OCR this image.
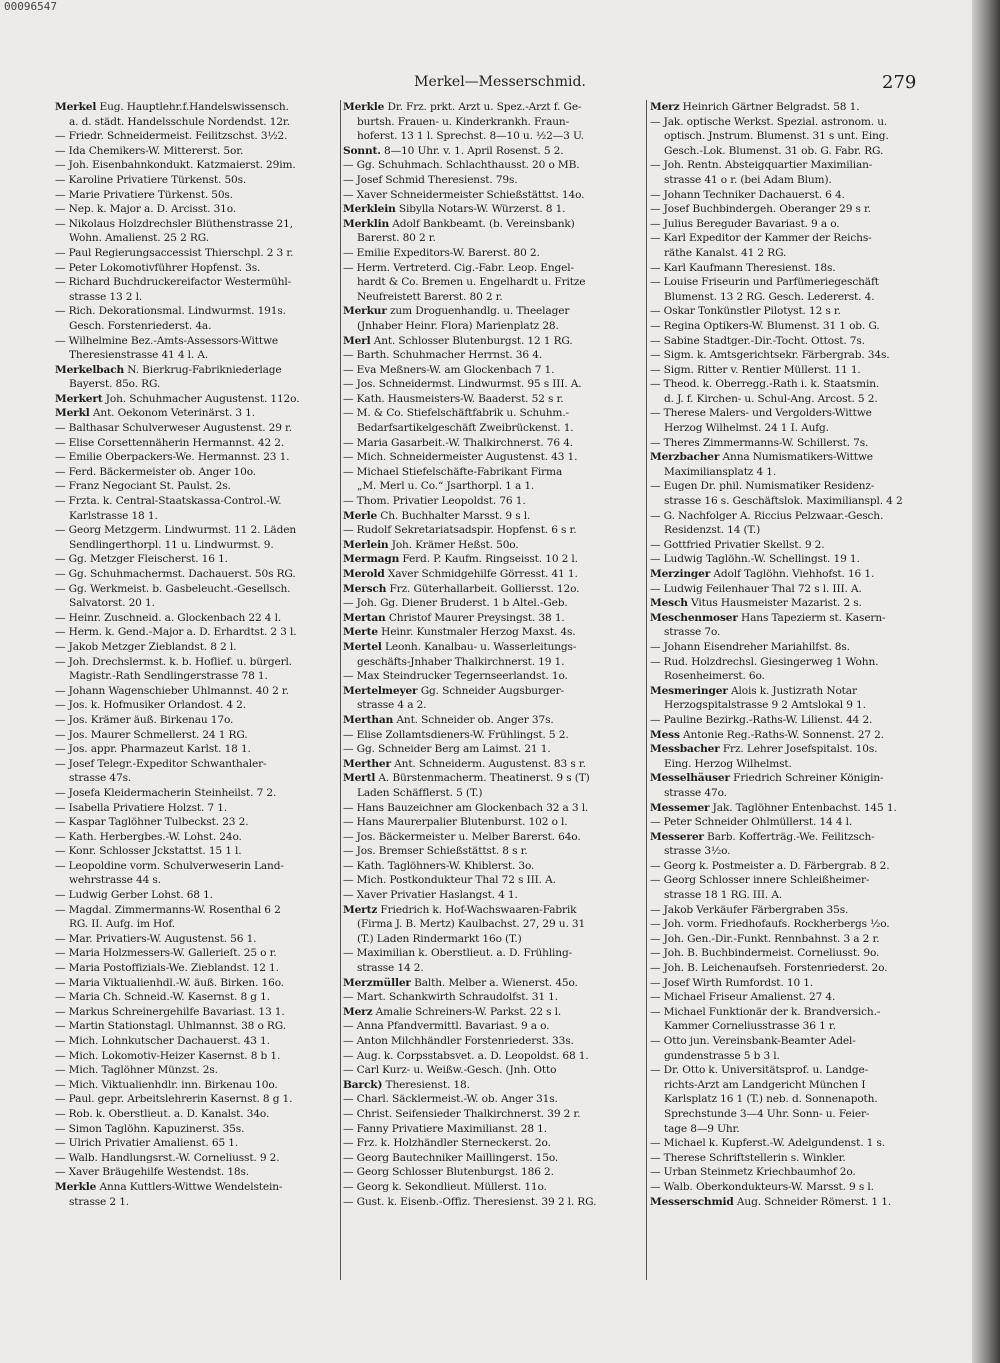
00096547
Merkel—Messerschmid.	279
Merkel Eug. Hauptlehr.f.Handelswissensch.
a. d. städt. Handelsschule Nordendst. 12r.
— Friedr. Schneidermeist. Feilitzschst. 3½2.
— Ida Chemikers-W. Mittererst. 5or.
— Joh. Eisenbahnkondukt. Katzmaierst. 29im.
— Karoline Privatiere Türkenst. 50s.
— Marie Privatiere Türkenst. 50s.
— Nep. k. Major a. D. Arcisst. 31o.
— Nikolaus Holzdrechsler Blüthenstrasse 21,
Wohn. Amalienst. 25 2 RG.
— Paul Regierungsaccessist Thierschpl. 2 3 r.
— Peter Lokomotivführer Hopfenst. 3s.
— Richard Buchdruckereifactor Westermühl-
strasse 13 2 l.
— Rich. Dekorationsmal. Lindwurmst. 191s.
Gesch. Forstenriederst. 4a.
— Wilhelmine Bez.-Amts-Assessors-Wittwe
Theresienstrasse 41 4 l. A.
Merkelbach N. Bierkrug-Fabrikniederlage
Bayerst. 85o. RG.
Merkert Joh. Schuhmacher Augustenst. 112o.
Merkl Ant. Oekonom Veterinärst. 3 1.
— Balthasar Schulverweser Augustenst. 29 r.
— Elise Corsettennäherin Hermannst. 42 2.
— Emilie Oberpackers-We. Hermannst. 23 1.
— Ferd. Bäckermeister ob. Anger 10o.
— Franz Negociant St. Paulst. 2s.
— Frzta. k. Central-Staatskassa-Control.-W.
Karlstrasse 18 1.
— Georg Metzgerm. Lindwurmst. 11 2. Läden
Sendlingerthorpl. 11 u. Lindwurmst. 9.
— Gg. Metzger Fleischerst. 16 1.
— Gg. Schuhmachermst. Dachauerst. 50s RG.
— Gg. Werkmeist. b. Gasbeleucht.-Gesellsch.
Salvatorst. 20 1.
— Heinr. Zuschneid. a. Glockenbach 22 4 l.
— Herm. k. Gend.-Major a. D. Erhardtst. 2 3 l.
— Jakob Metzger Zieblandst. 8 2 l.
— Joh. Drechslermst. k. b. Hoflief. u. bürgerl.
Magistr.-Rath Sendlingerstrasse 78 1.
— Johann Wagenschieber Uhlmannst. 40 2 r.
— Jos. k. Hofmusiker Orlandost. 4 2.
— Jos. Krämer äuß. Birkenau 17o.
— Jos. Maurer Schmellerst. 24 1 RG.
— Jos. appr. Pharmazeut Karlst. 18 1.
— Josef Telegr.-Expeditor Schwanthaler-
strasse 47s.
— Josefa Kleidermacherin Steinheilst. 7 2.
— Isabella Privatiere Holzst. 7 1.
— Kaspar Taglöhner Tulbeckst. 23 2.
— Kath. Herbergbes.-W. Lohst. 24o.
— Konr. Schlosser Jckstattst. 15 1 l.
— Leopoldine vorm. Schulverweserin Land-
wehrstrasse 44 s.
— Ludwig Gerber Lohst. 68 1.
— Magdal. Zimmermanns-W. Rosenthal 6 2
RG. II. Aufg. im Hof.
— Mar. Privatiers-W. Augustenst. 56 1.
— Maria Holzmessers-W. Gallerieſt. 25 o r.
— Maria Postoffizials-We. Zieblandst. 12 1.
— Maria Viktualienhdl.-W. äuß. Birken. 16o.
— Maria Ch. Schneid.-W. Kasernst. 8 g 1.
— Markus Schreinergehilfe Bavariast. 13 1.
— Martin Stationstagl. Uhlmannst. 38 o RG.
— Mich. Lohnkutscher Dachauerst. 43 1.
— Mich. Lokomotiv-Heizer Kasernst. 8 b 1.
— Mich. Taglöhner Münzst. 2s.
— Mich. Viktualienhdlr. inn. Birkenau 10o.
— Paul. gepr. Arbeitslehrerin Kasernst. 8 g 1.
— Rob. k. Oberstlieut. a. D. Kanalst. 34o.
— Simon Taglöhn. Kapuzinerst. 35s.
— Ulrich Privatier Amalienst. 65 1.
— Walb. Handlungsrst.-W. Corneliusst. 9 2.
— Xaver Bräugehilfe Westendst. 18s.
Merkle Anna Kuttlers-Wittwe Wendelstein-
strasse 2 1.
Merkle Dr. Frz. prkt. Arzt u. Spez.-Arzt f. Ge-
burtsh. Frauen- u. Kinderkrankh. Fraun-
hoferst. 13 1 l. Sprechst. 8—10 u. ½2—3 U.
Sonnt. 8—10 Uhr. v. 1. April Rosenst. 5 2.
— Gg. Schuhmach. Schlachthausst. 20 o MB.
— Josef Schmid Theresienst. 79s.
— Xaver Schneidermeister Schießstättst. 14o.
Merklein Sibylla Notars-W. Würzerst. 8 1.
Merklin Adolf Bankbeamt. (b. Vereinsbank)
Barerst. 80 2 r.
— Emilie Expeditors-W. Barerst. 80 2.
— Herm. Vertreterd. Cig.-Fabr. Leop. Engel-
hardt & Co. Bremen u. Engelhardt u. Fritze
Neufreistett Barerst. 80 2 r.
Merkur zum Droguenhandlg. u. Theelager
(Jnhaber Heinr. Flora) Marienplatz 28.
Merl Ant. Schlosser Blutenburgst. 12 1 RG.
— Barth. Schuhmacher Herrnst. 36 4.
— Eva Meßners-W. am Glockenbach 7 1.
— Jos. Schneidermst. Lindwurmst. 95 s III. A.
— Kath. Hausmeisters-W. Baaderst. 52 s r.
— M. & Co. Stiefelschäftfabrik u. Schuhm.-
Bedarfsartikelgeschäft Zweibrückenst. 1.
— Maria Gasarbeit.-W. Thalkirchnerst. 76 4.
— Mich. Schneidermeister Augustenst. 43 1.
— Michael Stiefelschäfte-Fabrikant Firma
„M. Merl u. Co.“ Jsarthorpl. 1 a 1.
— Thom. Privatier Leopoldst. 76 1.
Merle Ch. Buchhalter Marsst. 9 s l.
— Rudolf Sekretariatsadspir. Hopfenst. 6 s r.
Merlein Joh. Krämer Heßst. 50o.
Mermagn Ferd. P. Kaufm. Ringseisst. 10 2 l.
Merold Xaver Schmidgehilfe Görresst. 41 1.
Mersch Frz. Güterhallarbeit. Golliersst. 12o.
— Joh. Gg. Diener Bruderst. 1 b Altel.-Geb.
Mertan Christof Maurer Preysingst. 38 1.
Merte Heinr. Kunstmaler Herzog Maxst. 4s.
Mertel Leonh. Kanalbau- u. Wasserleitungs-
geschäfts-Jnhaber Thalkirchnerst. 19 1.
— Max Steindrucker Tegernseerlandst. 1o.
Mertelmeyer Gg. Schneider Augsburger-
strasse 4 a 2.
Merthan Ant. Schneider ob. Anger 37s.
— Elise Zollamtsdieners-W. Frühlingst. 5 2.
— Gg. Schneider Berg am Laimst. 21 1.
Merther Ant. Schneiderm. Augustenst. 83 s r.
Mertl A. Bürstenmacherm. Theatinerst. 9 s (T)
Laden Schäfflerst. 5 (T.)
— Hans Bauzeichner am Glockenbach 32 a 3 l.
— Hans Maurerpalier Blutenburst. 102 o l.
— Jos. Bäckermeister u. Melber Barerst. 64o.
— Jos. Bremser Schießstättst. 8 s r.
— Kath. Taglöhners-W. Khiblerst. 3o.
— Mich. Postkondukteur Thal 72 s III. A.
— Xaver Privatier Haslangst. 4 1.
Mertz Friedrich k. Hof-Wachswaaren-Fabrik
(Firma J. B. Mertz) Kaulbachst. 27, 29 u. 31
(T.) Laden Rindermarkt 16o (T.)
— Maximilian k. Oberstlieut. a. D. Frühling-
strasse 14 2.
Merzmüller Balth. Melber a. Wienerst. 45o.
— Mart. Schankwirth Schraudolfst. 31 1.
Merz Amalie Schreiners-W. Parkst. 22 s l.
— Anna Pfandvermittl. Bavariast. 9 a o.
— Anton Milchhändler Forstenriederst. 33s.
— Aug. k. Corpsstabsvet. a. D. Leopoldst. 68 1.
— Carl Kurz- u. Weißw.-Gesch. (Jnh. Otto
Barck) Theresienst. 18.
— Charl. Säcklermeist.-W. ob. Anger 31s.
— Christ. Seifensieder Thalkirchnerst. 39 2 r.
— Fanny Privatiere Maximilianst. 28 1.
— Frz. k. Holzhändler Sterneckerst. 2o.
— Georg Bautechniker Maillingerst. 15o.
— Georg Schlosser Blutenburgst. 186 2.
— Georg k. Sekondlieut. Müllerst. 11o.
— Gust. k. Eisenb.-Offiz. Theresienst. 39 2 l. RG.
Merz Heinrich Gärtner Belgradst. 58 1.
— Jak. optische Werkst. Spezial. astronom. u.
optisch. Jnstrum. Blumenst. 31 s unt. Eing.
Gesch.-Lok. Blumenst. 31 ob. G. Fabr. RG.
— Joh. Rentn. Absteigquartier Maximilian-
strasse 41 o r. (bei Adam Blum).
— Johann Techniker Dachauerst. 6 4.
— Josef Buchbindergeh. Oberanger 29 s r.
— Julius Bereguder Bavariast. 9 a o.
— Karl Expeditor der Kammer der Reichs-
räthe Kanalst. 41 2 RG.
— Karl Kaufmann Theresienst. 18s.
— Louise Friseurin und Parfümeriegeschäft
Blumenst. 13 2 RG. Gesch. Ledererst. 4.
— Oskar Tonkünstler Pilotyst. 12 s r.
— Regina Optikers-W. Blumenst. 31 1 ob. G.
— Sabine Stadtger.-Dir.-Tocht. Ottost. 7s.
— Sigm. k. Amtsgerichtsekr. Färbergrab. 34s.
— Sigm. Ritter v. Rentier Müllerst. 11 1.
— Theod. k. Oberregg.-Rath i. k. Staatsmin.
d. J. f. Kirchen- u. Schul-Ang. Arcost. 5 2.
— Therese Malers- und Vergolders-Wittwe
Herzog Wilhelmst. 24 1 I. Aufg.
— Theres Zimmermanns-W. Schillerst. 7s.
Merzbacher Anna Numismatikers-Wittwe
Maximiliansplatz 4 1.
— Eugen Dr. phil. Numismatiker Residenz-
strasse 16 s. Geschäftslok. Maximilianspl. 4 2
— G. Nachfolger A. Riccius Pelzwaar.-Gesch.
Residenzst. 14 (T.)
— Gottfried Privatier Skellst. 9 2.
— Ludwig Taglöhn.-W. Schellingst. 19 1.
Merzinger Adolf Taglöhn. Viehhofst. 16 1.
— Ludwig Feilenhauer Thal 72 s l. III. A.
Mesch Vitus Hausmeister Mazarist. 2 s.
Meschenmoser Hans Tapezierm st. Kasern-
strasse 7o.
— Johann Eisendreher Mariahilfst. 8s.
— Rud. Holzdrechsl. Giesingerweg 1 Wohn.
Rosenheimerst. 6o.
Mesmeringer Alois k. Justizrath Notar
Herzogspitalstrasse 9 2 Amtslokal 9 1.
— Pauline Bezirkg.-Raths-W. Lilienst. 44 2.
Mess Antonie Reg.-Raths-W. Sonnenst. 27 2.
Messbacher Frz. Lehrer Josefspitalst. 10s.
Eing. Herzog Wilhelmst.
Messelhäuser Friedrich Schreiner Königin-
strasse 47o.
Messemer Jak. Taglöhner Entenbachst. 145 1.
— Peter Schneider Ohlmüllerst. 14 4 l.
Messerer Barb. Kofferträg.-We. Feilitzsch-
strasse 3½o.
— Georg k. Postmeister a. D. Färbergrab. 8 2.
— Georg Schlosser innere Schleißheimer-
strasse 18 1 RG. III. A.
— Jakob Verkäufer Färbergraben 35s.
— Joh. vorm. Friedhofaufs. Rockherbergs ½o.
— Joh. Gen.-Dir.-Funkt. Rennbahnst. 3 a 2 r.
— Joh. B. Buchbindermeist. Corneliusst. 9o.
— Joh. B. Leichenaufseh. Forstenriederst. 2o.
— Josef Wirth Rumfordst. 10 1.
— Michael Friseur Amalienst. 27 4.
— Michael Funktionär der k. Brandversich.-
Kammer Corneliusstrasse 36 1 r.
— Otto jun. Vereinsbank-Beamter Adel-
gundenstrasse 5 b 3 l.
— Dr. Otto k. Universitätsprof. u. Landge-
richts-Arzt am Landgericht München I
Karlsplatz 16 1 (T.) neb. d. Sonnenapoth.
Sprechstunde 3—4 Uhr. Sonn- u. Feier-
tage 8—9 Uhr.
— Michael k. Kupferst.-W. Adelgundenst. 1 s.
— Therese Schriftstellerin s. Winkler.
— Urban Steinmetz Kriechbaumhof 2o.
— Walb. Oberkondukteurs-W. Marsst. 9 s l.
Messerschmid Aug. Schneider Römerst. 1 1.
